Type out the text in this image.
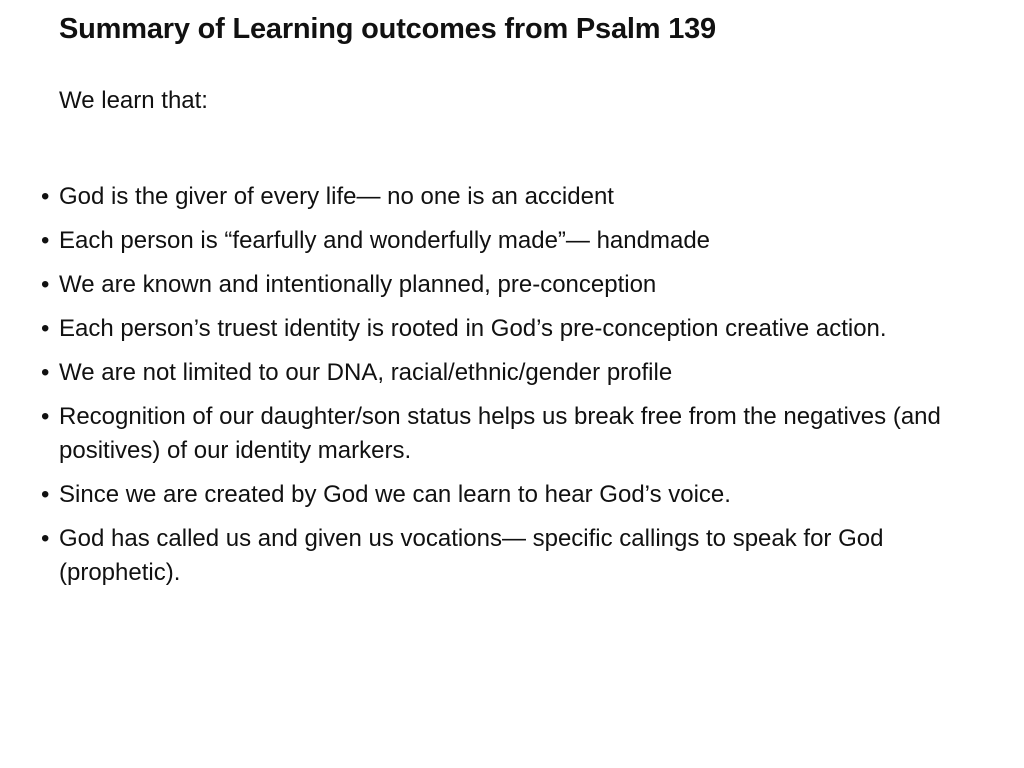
Summary of Learning outcomes from Psalm 139

We learn that:

• God is the giver of every life— no one is an accident
• Each person is “fearfully and wonderfully made”— handmade
• We are known and intentionally planned, pre-conception
• Each person’s truest identity is rooted in God’s pre-conception creative action.
• We are not limited to our DNA, racial/ethnic/gender profile
• Recognition of our daughter/son status helps us break free from the negatives (and positives) of our identity markers.
• Since we are created by God we can learn to hear God’s voice.
• God has called us and given us vocations— specific callings to speak for God (prophetic).
